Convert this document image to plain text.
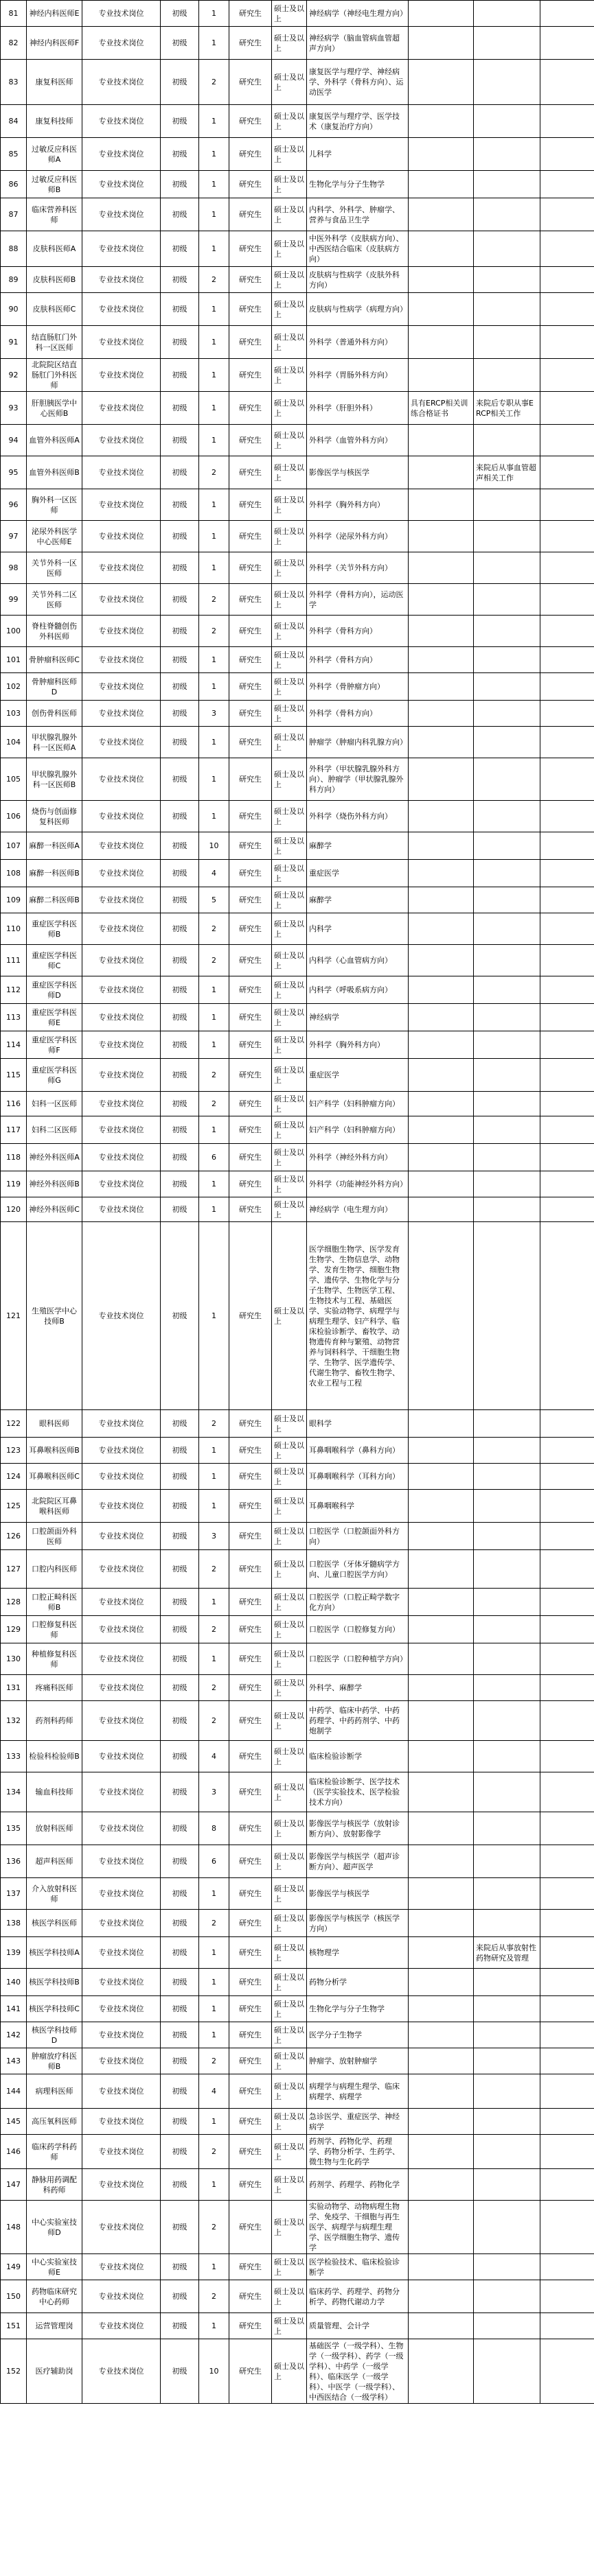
81	神经内科医师E	专业技术岗位	初级	1	研究生	硕士及以上	神经病学（神经电生理方向）			
82	神经内科医师F	专业技术岗位	初级	1	研究生	硕士及以上	神经病学（脑血管病血管超声方向）			
83	康复科医师	专业技术岗位	初级	2	研究生	硕士及以上	康复医学与理疗学、神经病学、外科学（骨科方向）、运动医学			
84	康复科技师	专业技术岗位	初级	1	研究生	硕士及以上	康复医学与理疗学、医学技术（康复治疗方向）			
85	过敏反应科医师A	专业技术岗位	初级	1	研究生	硕士及以上	儿科学			
86	过敏反应科医师B	专业技术岗位	初级	1	研究生	硕士及以上	生物化学与分子生物学			
87	临床营养科医师	专业技术岗位	初级	1	研究生	硕士及以上	内科学、外科学、肿瘤学、营养与食品卫生学			
88	皮肤科医师A	专业技术岗位	初级	1	研究生	硕士及以上	中医外科学（皮肤病方向）、中西医结合临床（皮肤病方向）			
89	皮肤科医师B	专业技术岗位	初级	2	研究生	硕士及以上	皮肤病与性病学（皮肤外科方向）			
90	皮肤科医师C	专业技术岗位	初级	1	研究生	硕士及以上	皮肤病与性病学（病理方向）			
91	结直肠肛门外科一区医师	专业技术岗位	初级	1	研究生	硕士及以上	外科学（普通外科方向）			
92	北院院区结直肠肛门外科医师	专业技术岗位	初级	1	研究生	硕士及以上	外科学（胃肠外科方向）			
93	肝胆胰医学中心医师B	专业技术岗位	初级	1	研究生	硕士及以上	外科学（肝胆外科）	具有ERCP相关训练合格证书	来院后专职从事ERCP相关工作	
94	血管外科医师A	专业技术岗位	初级	1	研究生	硕士及以上	外科学（血管外科方向）			
95	血管外科医师B	专业技术岗位	初级	2	研究生	硕士及以上	影像医学与核医学		来院后从事血管超声相关工作	
96	胸外科一区医师	专业技术岗位	初级	1	研究生	硕士及以上	外科学（胸外科方向）			
97	泌尿外科医学中心医师E	专业技术岗位	初级	1	研究生	硕士及以上	外科学（泌尿外科方向）			
98	关节外科一区医师	专业技术岗位	初级	1	研究生	硕士及以上	外科学（关节外科方向）			
99	关节外科二区医师	专业技术岗位	初级	2	研究生	硕士及以上	外科学（骨科方向），运动医学			
100	脊柱脊髓创伤外科医师	专业技术岗位	初级	2	研究生	硕士及以上	外科学（骨科方向）			
101	骨肿瘤科医师C	专业技术岗位	初级	1	研究生	硕士及以上	外科学（骨科方向）			
102	骨肿瘤科医师D	专业技术岗位	初级	1	研究生	硕士及以上	外科学（骨肿瘤方向）			
103	创伤骨科医师	专业技术岗位	初级	3	研究生	硕士及以上	外科学（骨科方向）			
104	甲状腺乳腺外科一区医师A	专业技术岗位	初级	1	研究生	硕士及以上	肿瘤学（肿瘤内科乳腺方向）			
105	甲状腺乳腺外科一区医师B	专业技术岗位	初级	1	研究生	硕士及以上	外科学（甲状腺乳腺外科方向）、肿瘤学（甲状腺乳腺外科方向）			
106	烧伤与创面修复科医师	专业技术岗位	初级	1	研究生	硕士及以上	外科学（烧伤外科方向）			
107	麻醉一科医师A	专业技术岗位	初级	10	研究生	硕士及以上	麻醉学			
108	麻醉一科医师B	专业技术岗位	初级	4	研究生	硕士及以上	重症医学			
109	麻醉二科医师B	专业技术岗位	初级	5	研究生	硕士及以上	麻醉学			
110	重症医学科医师B	专业技术岗位	初级	2	研究生	硕士及以上	内科学			
111	重症医学科医师C	专业技术岗位	初级	2	研究生	硕士及以上	内科学（心血管病方向）			
112	重症医学科医师D	专业技术岗位	初级	1	研究生	硕士及以上	内科学（呼吸系病方向）			
113	重症医学科医师E	专业技术岗位	初级	1	研究生	硕士及以上	神经病学			
114	重症医学科医师F	专业技术岗位	初级	1	研究生	硕士及以上	外科学（胸外科方向）			
115	重症医学科医师G	专业技术岗位	初级	2	研究生	硕士及以上	重症医学			
116	妇科一区医师	专业技术岗位	初级	2	研究生	硕士及以上	妇产科学（妇科肿瘤方向）			
117	妇科二区医师	专业技术岗位	初级	1	研究生	硕士及以上	妇产科学（妇科肿瘤方向）			
118	神经外科医师A	专业技术岗位	初级	6	研究生	硕士及以上	外科学（神经外科方向）			
119	神经外科医师B	专业技术岗位	初级	1	研究生	硕士及以上	外科学（功能神经外科方向）			
120	神经外科医师C	专业技术岗位	初级	1	研究生	硕士及以上	神经病学（电生理方向）			
121	生殖医学中心技师B	专业技术岗位	初级	1	研究生	硕士及以上	医学细胞生物学、医学发育生物学、生物信息学、动物学、发育生物学、细胞生物学、遗传学、生物化学与分子生物学、生物医学工程、生物技术与工程、基础医学、实验动物学、病理学与病理生理学、妇产科学、临床检验诊断学、畜牧学、动物遗传育种与繁殖、动物营养与饲料科学、干细胞生物学、生物学、医学遗传学、代谢生物学、畜牧生物学、农业工程与工程			
122	眼科医师	专业技术岗位	初级	2	研究生	硕士及以上	眼科学			
123	耳鼻喉科医师B	专业技术岗位	初级	1	研究生	硕士及以上	耳鼻咽喉科学（鼻科方向）			
124	耳鼻喉科医师C	专业技术岗位	初级	1	研究生	硕士及以上	耳鼻咽喉科学（耳科方向）			
125	北院院区耳鼻喉科医师	专业技术岗位	初级	1	研究生	硕士及以上	耳鼻咽喉科学			
126	口腔颌面外科医师	专业技术岗位	初级	3	研究生	硕士及以上	口腔医学（口腔颌面外科方向）			
127	口腔内科医师	专业技术岗位	初级	2	研究生	硕士及以上	口腔医学（牙体牙髓病学方向、儿童口腔医学方向）			
128	口腔正畸科医师B	专业技术岗位	初级	1	研究生	硕士及以上	口腔医学（口腔正畸学数字化方向）			
129	口腔修复科医师	专业技术岗位	初级	2	研究生	硕士及以上	口腔医学（口腔修复方向）			
130	种植修复科医师	专业技术岗位	初级	1	研究生	硕士及以上	口腔医学（口腔种植学方向）			
131	疼痛科医师	专业技术岗位	初级	2	研究生	硕士及以上	外科学、麻醉学			
132	药剂科药师	专业技术岗位	初级	2	研究生	硕士及以上	中药学、临床中药学、中药药理学、中药药剂学、中药炮制学			
133	检验科检验师B	专业技术岗位	初级	4	研究生	硕士及以上	临床检验诊断学			
134	输血科技师	专业技术岗位	初级	3	研究生	硕士及以上	临床检验诊断学、医学技术（医学实验技术、医学检验技术方向）			
135	放射科医师	专业技术岗位	初级	8	研究生	硕士及以上	影像医学与核医学（放射诊断方向）、放射影像学			
136	超声科医师	专业技术岗位	初级	6	研究生	硕士及以上	影像医学与核医学（超声诊断方向）、超声医学			
137	介入放射科医师	专业技术岗位	初级	1	研究生	硕士及以上	影像医学与核医学			
138	核医学科医师	专业技术岗位	初级	2	研究生	硕士及以上	影像医学与核医学（核医学方向）			
139	核医学科技师A	专业技术岗位	初级	1	研究生	硕士及以上	核物理学		来院后从事放射性药物研究及管理	
140	核医学科技师B	专业技术岗位	初级	1	研究生	硕士及以上	药物分析学			
141	核医学科技师C	专业技术岗位	初级	1	研究生	硕士及以上	生物化学与分子生物学			
142	核医学科技师D	专业技术岗位	初级	1	研究生	硕士及以上	医学分子生物学			
143	肿瘤放疗科医师B	专业技术岗位	初级	2	研究生	硕士及以上	肿瘤学、放射肿瘤学			
144	病理科医师	专业技术岗位	初级	4	研究生	硕士及以上	病理学与病理生理学、临床病理学、病理学			
145	高压氧科医师	专业技术岗位	初级	1	研究生	硕士及以上	急诊医学、重症医学、神经病学			
146	临床药学科药师	专业技术岗位	初级	2	研究生	硕士及以上	药剂学、药物化学、药理学、药物分析学、生药学、微生物与生化药学			
147	静脉用药调配科药师	专业技术岗位	初级	1	研究生	硕士及以上	药剂学、药理学、药物化学			
148	中心实验室技师D	专业技术岗位	初级	2	研究生	硕士及以上	实验动物学、动物病理生物学、免疫学、干细胞与再生医学、病理学与病理生理学、医学细胞生物学、遗传学			
149	中心实验室技师E	专业技术岗位	初级	1	研究生	硕士及以上	医学检验技术、临床检验诊断学			
150	药物临床研究中心药师	专业技术岗位	初级	2	研究生	硕士及以上	临床药学、药理学、药物分析学、药物代谢动力学			
151	运营管理岗	专业技术岗位	初级	1	研究生	硕士及以上	质量管理、会计学			
152	医疗辅助岗	专业技术岗位	初级	10	研究生	硕士及以上	基础医学（一级学科）、生物学（一级学科）、药学（一级学科）、中药学（一级学科）、临床医学（一级学科）、中医学（一级学科）、中西医结合（一级学科）			
